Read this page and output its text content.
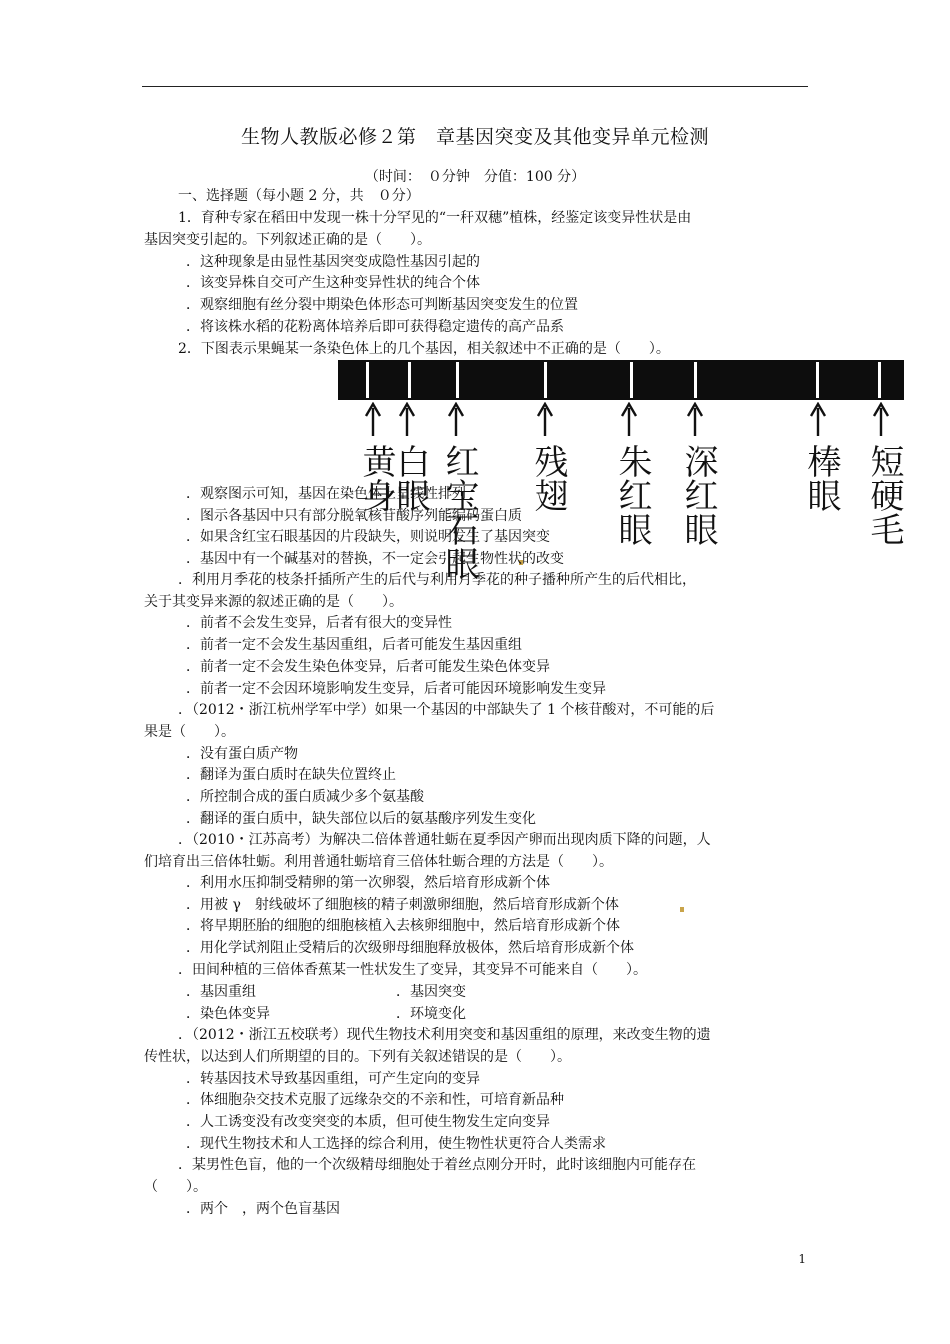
生物人教版必修２第　章基因突变及其他变异单元检测
（时间：　０分钟　分值：100 分）
一、选择题（每小题 2 分，共　０分）
1．育种专家在稻田中发现一株十分罕见的“一秆双穗”植株，经鉴定该变异性状是由
基因突变引起的。下列叙述正确的是（　　）。
．这种现象是由显性基因突变成隐性基因引起的
．该变异株自交可产生这种变异性状的纯合个体
．观察细胞有丝分裂中期染色体形态可判断基因突变发生的位置
．将该株水稻的花粉离体培养后即可获得稳定遗传的高产品系
2．下图表示果蝇某一条染色体上的几个基因，相关叙述中不正确的是（　　）。
黄身
白眼 红宝石眼 残翅 朱红眼 深红眼 棒眼 短硬毛
．观察图示可知，基因在染色体上呈线性排列
．图示各基因中只有部分脱氧核苷酸序列能编码蛋白质
．如果含红宝石眼基因的片段缺失，则说明发生了基因突变
．基因中有一个碱基对的替换，不一定会引起生物性状的改变
．利用月季花的枝条扦插所产生的后代与利用月季花的种子播种所产生的后代相比，
关于其变异来源的叙述正确的是（　　）。
．前者不会发生变异，后者有很大的变异性
．前者一定不会发生基因重组，后者可能发生基因重组
．前者一定不会发生染色体变异，后者可能发生染色体变异
．前者一定不会因环境影响发生变异，后者可能因环境影响发生变异
．（2012・浙江杭州学军中学）如果一个基因的中部缺失了 1 个核苷酸对，不可能的后
果是（　　）。
．没有蛋白质产物
．翻译为蛋白质时在缺失位置终止
．所控制合成的蛋白质减少多个氨基酸
．翻译的蛋白质中，缺失部位以后的氨基酸序列发生变化
．（2010・江苏高考）为解决二倍体普通牡蛎在夏季因产卵而出现肉质下降的问题，人
们培育出三倍体牡蛎。利用普通牡蛎培育三倍体牡蛎合理的方法是（　　）。
．利用水压抑制受精卵的第一次卵裂，然后培育形成新个体
．用被 γ　射线破坏了细胞核的精子刺激卵细胞，然后培育形成新个体
．将早期胚胎的细胞的细胞核植入去核卵细胞中，然后培育形成新个体
．用化学试剂阻止受精后的次级卵母细胞释放极体，然后培育形成新个体
．田间种植的三倍体香蕉某一性状发生了变异，其变异不可能来自（　　）。
．基因重组	．基因突变
．染色体变异	．环境变化
．（2012・浙江五校联考）现代生物技术利用突变和基因重组的原理，来改变生物的遗
传性状，以达到人们所期望的目的。下列有关叙述错误的是（　　）。
．转基因技术导致基因重组，可产生定向的变异
．体细胞杂交技术克服了远缘杂交的不亲和性，可培育新品种
．人工诱变没有改变突变的本质，但可使生物发生定向变异
．现代生物技术和人工选择的综合利用，使生物性状更符合人类需求
．某男性色盲，他的一个次级精母细胞处于着丝点刚分开时，此时该细胞内可能存在
（　　）。
．两个　，两个色盲基因
1
